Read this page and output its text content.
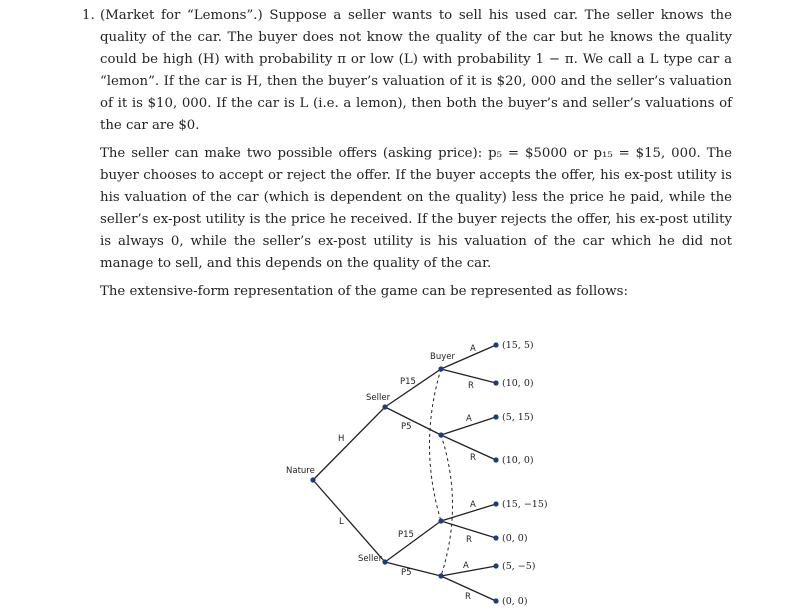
1. (Market for “Lemons”.) Suppose a seller wants to sell his used car. The seller knows the quality of the car. The buyer does not know the quality of the car but he knows the quality could be high (H) with probability π or low (L) with probability 1 − π. We call a L type car a “lemon”. If the car is H, then the buyer’s valuation of it is $20, 000 and the seller’s valuation of it is $10, 000. If the car is L (i.e. a lemon), then both the buyer’s and seller’s valuations of the car are $0.

The seller can make two possible offers (asking price): p₅ = $5000 or p₁₅ = $15, 000. The buyer chooses to accept or reject the offer. If the buyer accepts the offer, his ex-post utility is his valuation of the car (which is dependent on the quality) less the price he paid, while the seller’s ex-post utility is the price he received. If the buyer rejects the offer, his ex-post utility is always 0, while the seller’s ex-post utility is his valuation of the car which he did not manage to sell, and this depends on the quality of the car.

The extensive-form representation of the game can be represented as follows:

Nature
H
L
Seller
Seller
Buyer
P15
P5
P15
P5
A
R
A
R
A
R
A
R
(15, 5)
(10, 0)
(5, 15)
(10, 0)
(15, −15)
(0, 0)
(5, −5)
(0, 0)
